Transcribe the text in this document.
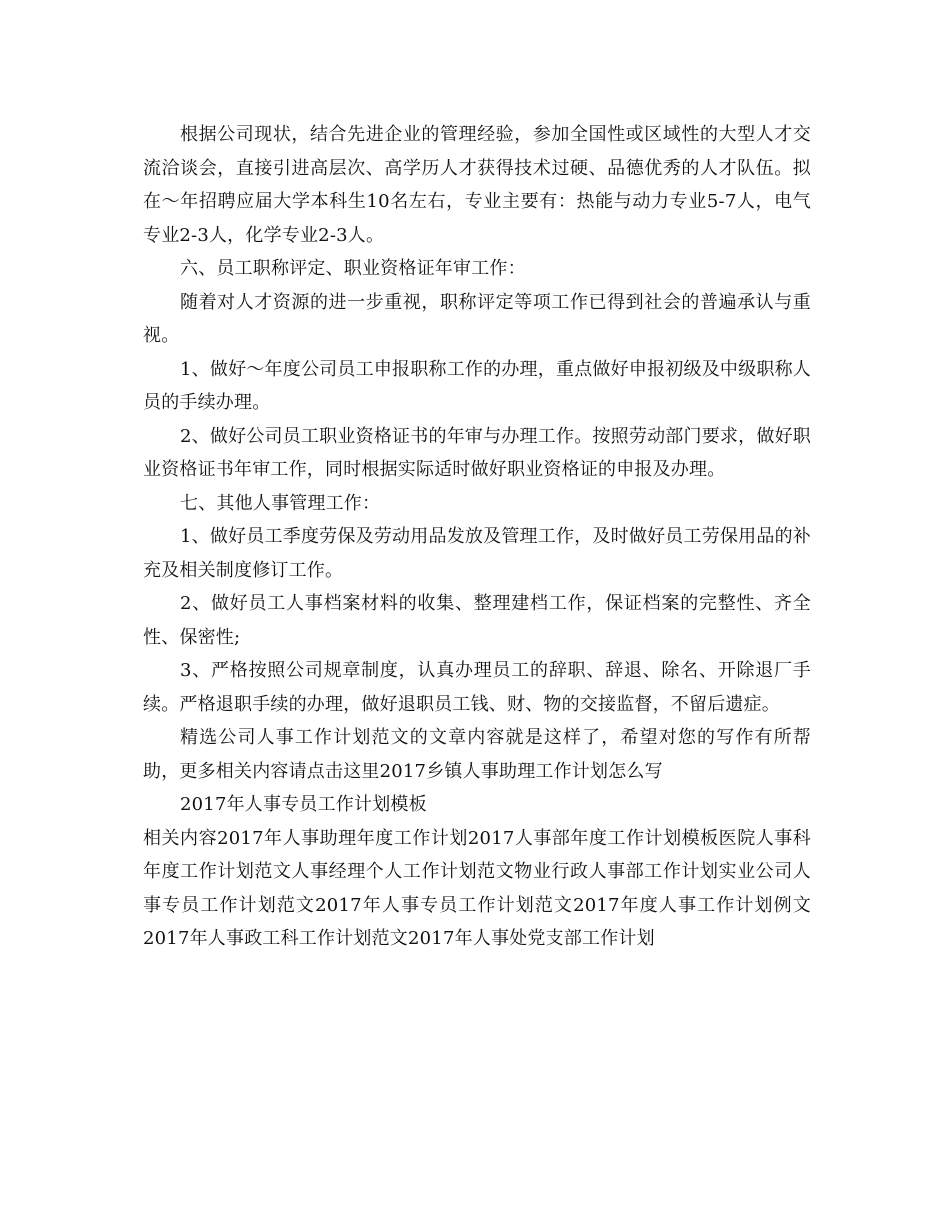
根据公司现状，结合先进企业的管理经验，参加全国性或区域性的大型人才交流洽谈会，直接引进高层次、高学历人才获得技术过硬、品德优秀的人才队伍。拟在～年招聘应届大学本科生10名左右，专业主要有：热能与动力专业5-7人，电气专业2-3人，化学专业2-3人。

六、员工职称评定、职业资格证年审工作：

随着对人才资源的进一步重视，职称评定等项工作已得到社会的普遍承认与重视。

1、做好～年度公司员工申报职称工作的办理，重点做好申报初级及中级职称人员的手续办理。

2、做好公司员工职业资格证书的年审与办理工作。按照劳动部门要求，做好职业资格证书年审工作，同时根据实际适时做好职业资格证的申报及办理。

七、其他人事管理工作：

1、做好员工季度劳保及劳动用品发放及管理工作，及时做好员工劳保用品的补充及相关制度修订工作。

2、做好员工人事档案材料的收集、整理建档工作，保证档案的完整性、齐全性、保密性;

3、严格按照公司规章制度，认真办理员工的辞职、辞退、除名、开除退厂手续。严格退职手续的办理，做好退职员工钱、财、物的交接监督，不留后遗症。

精选公司人事工作计划范文的文章内容就是这样了，希望对您的写作有所帮助，更多相关内容请点击这里2017乡镇人事助理工作计划怎么写

2017年人事专员工作计划模板

相关内容2017年人事助理年度工作计划2017人事部年度工作计划模板医院人事科年度工作计划范文人事经理个人工作计划范文物业行政人事部工作计划实业公司人事专员工作计划范文2017年人事专员工作计划范文2017年度人事工作计划例文2017年人事政工科工作计划范文2017年人事处党支部工作计划
